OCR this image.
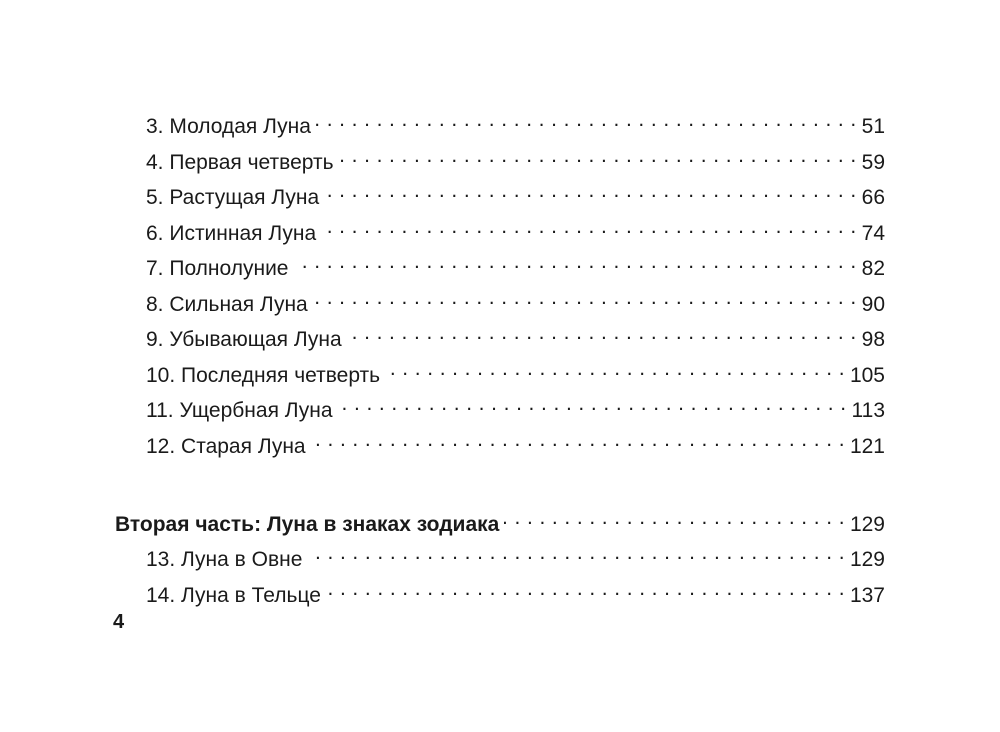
3. Молодая Луна . . .	51
4. Первая четверть . . .	59
5. Растущая Луна . . .	66
6. Истинная Луна . . .	74
7. Полнолуние . . .	82
8. Сильная Луна . . .	90
9. Убывающая Луна . . .	98
10. Последняя четверть . . .	105
11. Ущербная Луна . . .	113
12. Старая Луна . . .	121
Вторая часть: Луна в знаках зодиака . . .	129
13. Луна в Овне . . .	129
14. Луна в Тельце . . .	137
4
